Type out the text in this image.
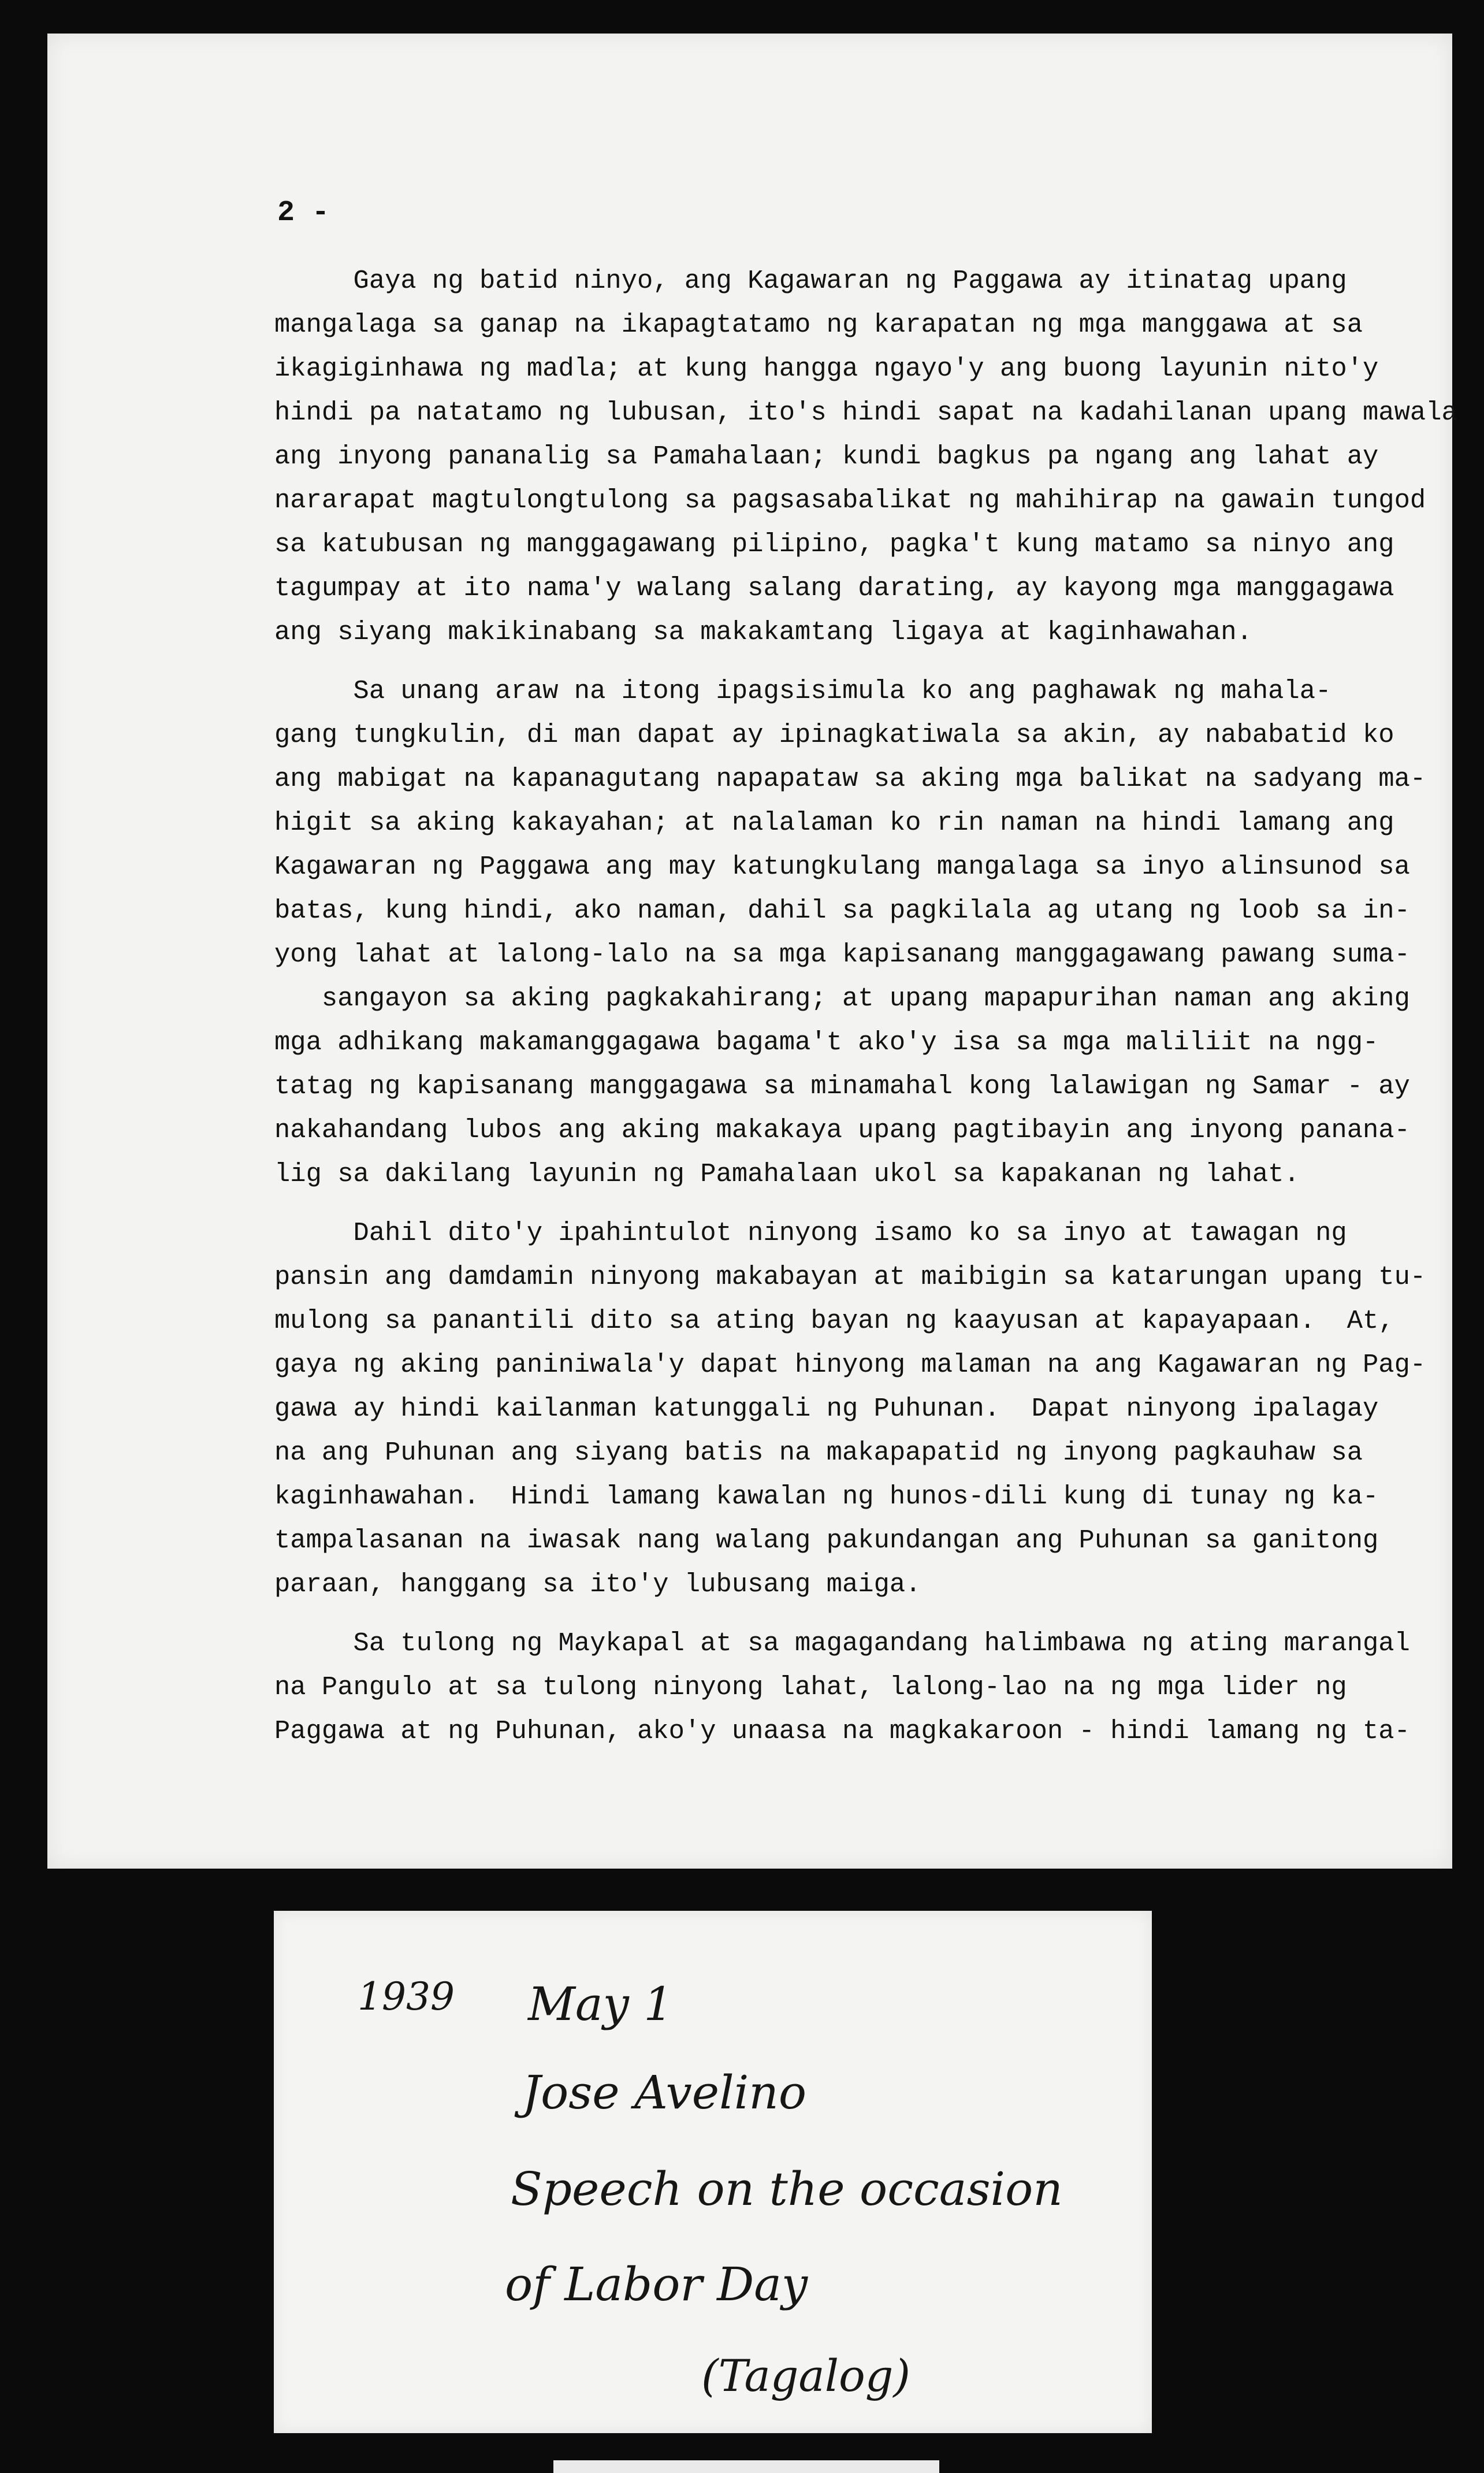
2 -
Gaya ng batid ninyo, ang Kagawaran ng Paggawa ay itinatag upang
mangalaga sa ganap na ikapagtatamo ng karapatan ng mga manggawa at sa
ikagiginhawa ng madla; at kung hangga ngayo'y ang buong layunin nito'y
hindi pa natatamo ng lubusan, ito's hindi sapat na kadahilanan upang mawala
ang inyong pananalig sa Pamahalaan; kundi bagkus pa ngang ang lahat ay
nararapat magtulongtulong sa pagsasabalikat ng mahihirap na gawain tungod
sa katubusan ng manggagawang pilipino, pagka't kung matamo sa ninyo ang
tagumpay at ito nama'y walang salang darating, ay kayong mga manggagawa
ang siyang makikinabang sa makakamtang ligaya at kaginhawahan.
Sa unang araw na itong ipagsisimula ko ang paghawak ng mahala-
gang tungkulin, di man dapat ay ipinagkatiwala sa akin, ay nababatid ko
ang mabigat na kapanagutang napapataw sa aking mga balikat na sadyang ma-
higit sa aking kakayahan; at nalalaman ko rin naman na hindi lamang ang
Kagawaran ng Paggawa ang may katungkulang mangalaga sa inyo alinsunod sa
batas, kung hindi, ako naman, dahil sa pagkilala ag utang ng loob sa in-
yong lahat at lalong-lalo na sa mga kapisanang manggagawang pawang suma-
sangayon sa aking pagkakahirang; at upang mapapurihan naman ang aking
mga adhikang makamanggagawa bagama't ako'y isa sa mga maliliit na ngg-
tatag ng kapisanang manggagawa sa minamahal kong lalawigan ng Samar - ay
nakahandang lubos ang aking makakaya upang pagtibayin ang inyong panana-
lig sa dakilang layunin ng Pamahalaan ukol sa kapakanan ng lahat.
Dahil dito'y ipahintulot ninyong isamo ko sa inyo at tawagan ng
pansin ang damdamin ninyong makabayan at maibigin sa katarungan upang tu-
mulong sa panantili dito sa ating bayan ng kaayusan at kapayapaan.  At,
gaya ng aking paniniwala'y dapat hinyong malaman na ang Kagawaran ng Pag-
gawa ay hindi kailanman katunggali ng Puhunan.  Dapat ninyong ipalagay
na ang Puhunan ang siyang batis na makapapatid ng inyong pagkauhaw sa
kaginhawahan.  Hindi lamang kawalan ng hunos-dili kung di tunay ng ka-
tampalasanan na iwasak nang walang pakundangan ang Puhunan sa ganitong
paraan, hanggang sa ito'y lubusang maiga.
Sa tulong ng Maykapal at sa magagandang halimbawa ng ating marangal
na Pangulo at sa tulong ninyong lahat, lalong-lao na ng mga lider ng
Paggawa at ng Puhunan, ako'y unaasa na magkakaroon - hindi lamang ng ta-
1939 May 1
Jose Avelino
Speech on the occasion
of Labor Day
(Tagalog)
